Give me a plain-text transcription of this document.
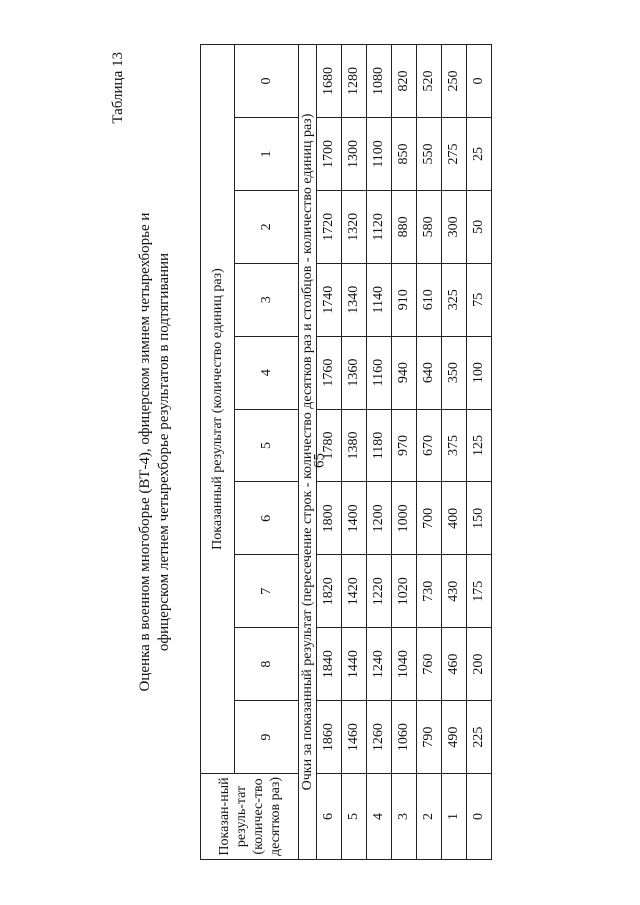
65
Таблица 13
Оценка в военном многоборье (ВТ-4), офицерском зимнем четырехборье и офицерском летнем четырехборье результатов в подтягивании
Показан-ный резуль-тат (количес-тво десятков раз)	Показанный результат (количество единиц раз)									
	9	8	7	6	5	4	3	2	1	0
Очки за показанный результат (пересечение строк - количество десятков раз и столбцов - количество единиц раз)										
6	1860	1840	1820	1800	1780	1760	1740	1720	1700	1680
5	1460	1440	1420	1400	1380	1360	1340	1320	1300	1280
4	1260	1240	1220	1200	1180	1160	1140	1120	1100	1080
3	1060	1040	1020	1000	970	940	910	880	850	820
2	790	760	730	700	670	640	610	580	550	520
1	490	460	430	400	375	350	325	300	275	250
0	225	200	175	150	125	100	75	50	25	0
